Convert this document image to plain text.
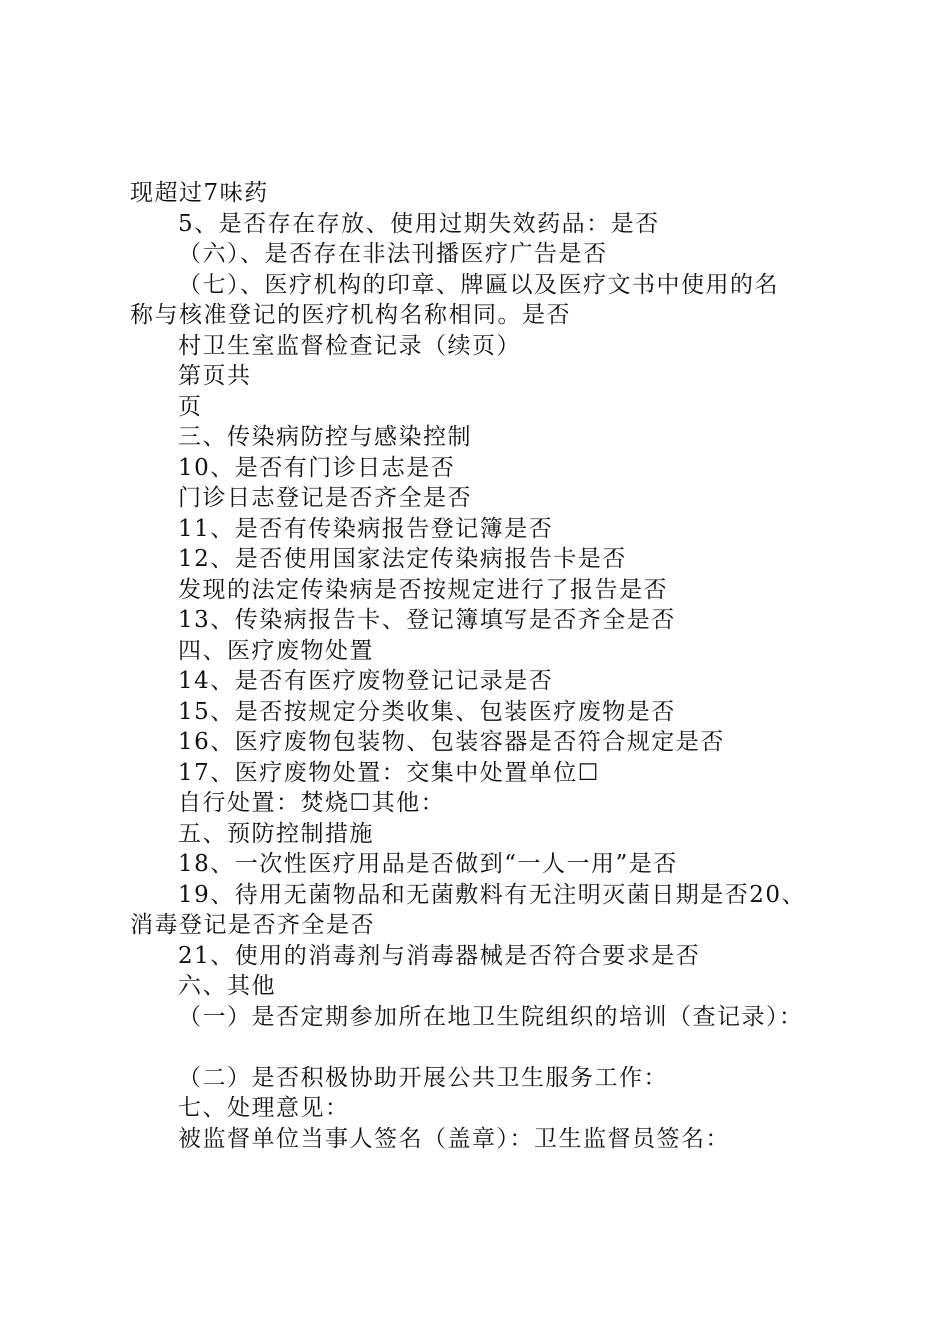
现超过7味药
5、是否存在存放、使用过期失效药品：是否
（六）、是否存在非法刊播医疗广告是否
（七）、医疗机构的印章、牌匾以及医疗文书中使用的名
称与核准登记的医疗机构名称相同。是否
村卫生室监督检查记录（续页）
第页共
页
三、传染病防控与感染控制
10、是否有门诊日志是否
门诊日志登记是否齐全是否
11、是否有传染病报告登记簿是否
12、是否使用国家法定传染病报告卡是否
发现的法定传染病是否按规定进行了报告是否
13、传染病报告卡、登记簿填写是否齐全是否
四、医疗废物处置
14、是否有医疗废物登记记录是否
15、是否按规定分类收集、包装医疗废物是否
16、医疗废物包装物、包装容器是否符合规定是否
17、医疗废物处置：交集中处置单位☐
自行处置：焚烧☐其他：
五、预防控制措施
18、一次性医疗用品是否做到“一人一用”是否
19、待用无菌物品和无菌敷料有无注明灭菌日期是否20、
消毒登记是否齐全是否
21、使用的消毒剂与消毒器械是否符合要求是否
六、其他
（一）是否定期参加所在地卫生院组织的培训（查记录）：
（二）是否积极协助开展公共卫生服务工作：
七、处理意见：
被监督单位当事人签名（盖章）：卫生监督员签名：
